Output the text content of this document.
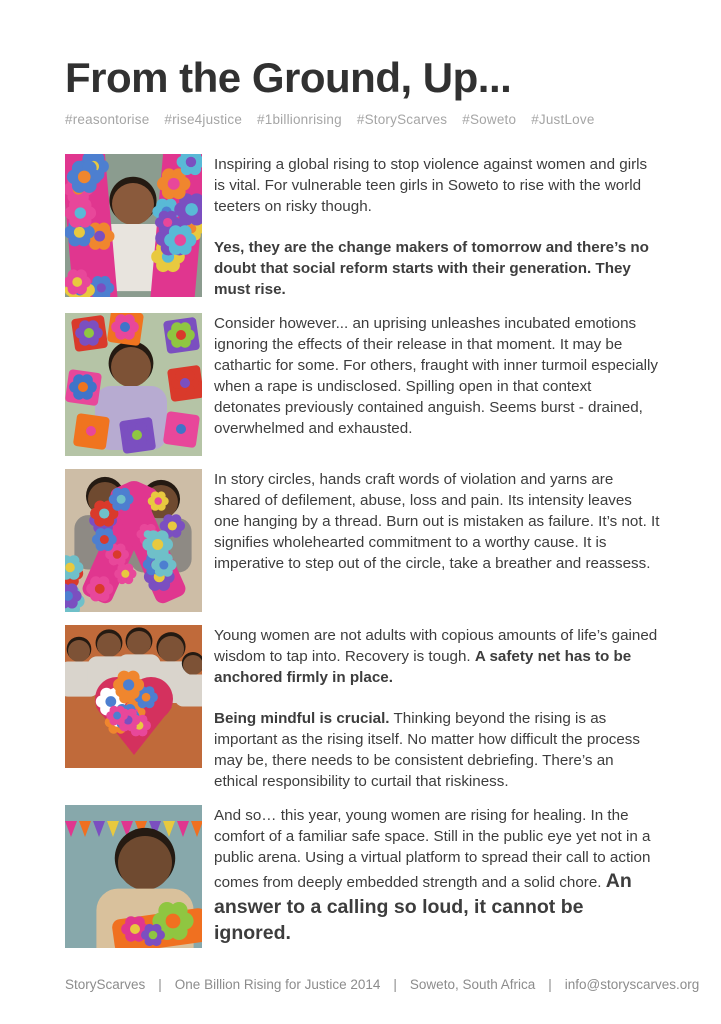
From the Ground, Up...
#reasontorise #rise4justice #1billionrising #StoryScarves #Soweto #JustLove

Inspiring a global rising to stop violence against women and girls is vital. For vulnerable teen girls in Soweto to rise with the world teeters on risky though.

Yes, they are the change makers of tomorrow and there’s no doubt that social reform starts with their generation. They must rise.

Consider however... an uprising unleashes incubated emotions ignoring the effects of their release in that moment. It may be cathartic for some. For others, fraught with inner turmoil especially when a rape is undisclosed. Spilling open in that context detonates previously contained anguish. Seems burst - drained, overwhelmed and exhausted.

In story circles, hands craft words of violation and yarns are shared of defilement, abuse, loss and pain. Its intensity leaves one hanging by a thread. Burn out is mistaken as failure. It’s not. It signifies wholehearted commitment to a worthy cause. It is imperative to step out of the circle, take a breather and reassess.

Young women are not adults with copious amounts of life’s gained wisdom to tap into. Recovery is tough. A safety net has to be anchored firmly in place.

Being mindful is crucial. Thinking beyond the rising is as important as the rising itself. No matter how difficult the process may be, there needs to be consistent debriefing. There’s an ethical responsibility to curtail that riskiness.

And so… this year, young women are rising for healing. In the comfort of a familiar safe space. Still in the public eye yet not in a public arena. Using a virtual platform to spread their call to action comes from deeply embedded strength and a solid chore. An answer to a calling so loud, it cannot be ignored.

StoryScarves | One Billion Rising for Justice 2014 | Soweto, South Africa | info@storyscarves.org
